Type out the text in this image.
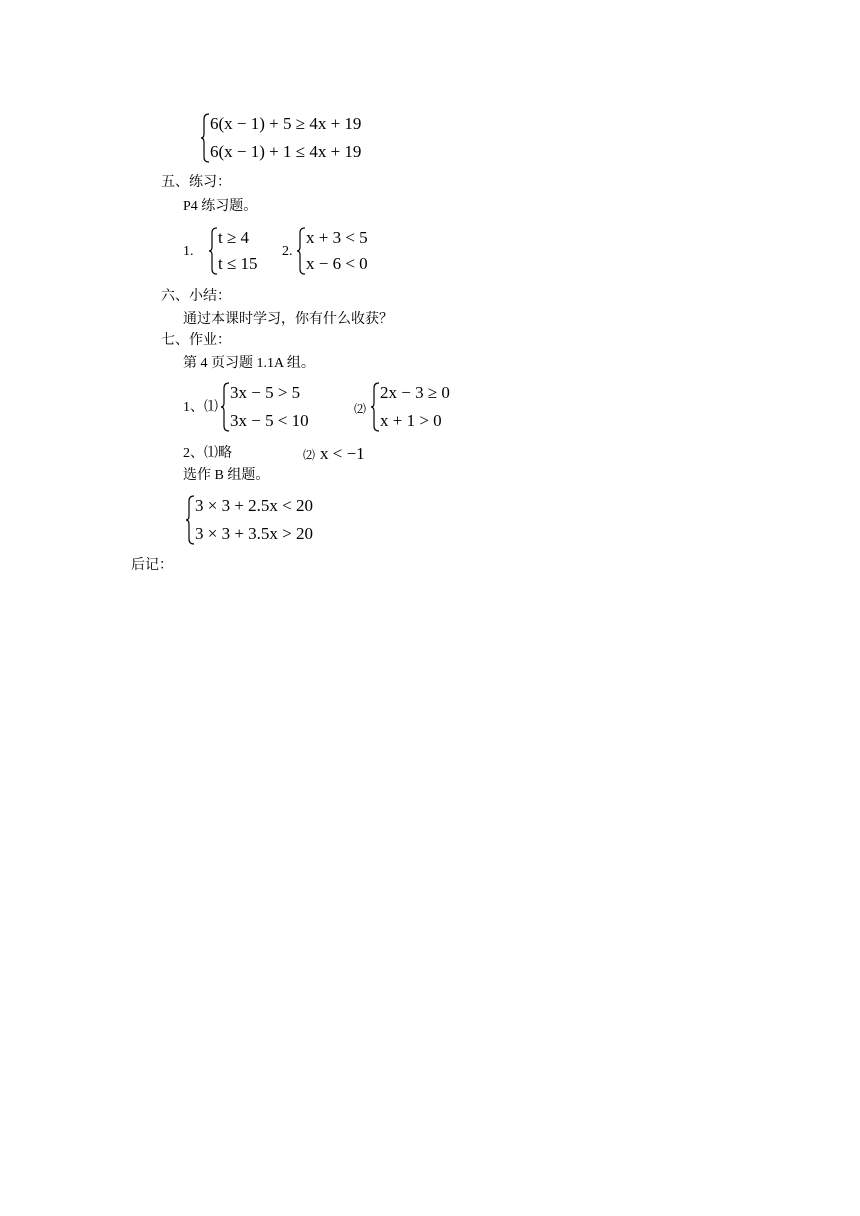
6(x − 1) + 5 ≥ 4x + 19
6(x − 1) + 1 ≤ 4x + 19
五、练习：
P4 练习题。
1.
t ≥ 4
t ≤ 15
2.
x + 3 < 5
x − 6 < 0
六、小结：
通过本课时学习，你有什么收获？
七、作业：
第 4 页习题 1.1A 组。
1、⑴
3x − 5 > 5
3x − 5 < 10
⑵
2x − 3 ≥ 0
x + 1 > 0
2、⑴略	⑵ x < −1
选作 B 组题。
3 × 3 + 2.5x < 20
3 × 3 + 3.5x > 20
后记：
